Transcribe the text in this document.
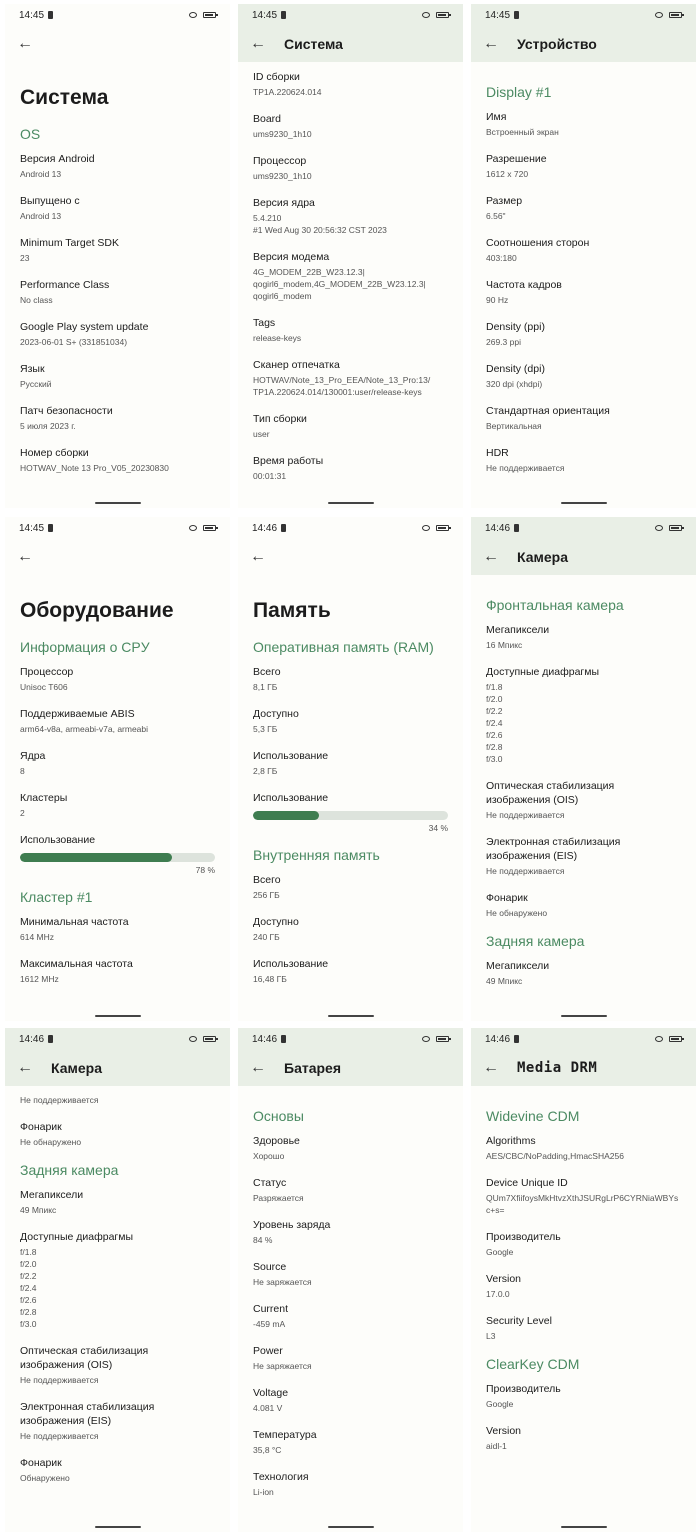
14:45
←
Система
OS
Версия Android
Android 13
Выпущено с
Android 13
Minimum Target SDK
23
Performance Class
No class
Google Play system update
2023-06-01 S+ (331851034)
Язык
Русский
Патч безопасности
5 июля 2023 г.
Номер сборки
HOTWAV_Note 13 Pro_V05_20230830
14:45
←	Система
ID сборки
TP1A.220624.014
Board
ums9230_1h10
Процессор
ums9230_1h10
Версия ядра
5.4.210
#1 Wed Aug 30 20:56:32 CST 2023
Версия модема
4G_MODEM_22B_W23.12.3|
qogirl6_modem,4G_MODEM_22B_W23.12.3|
qogirl6_modem
Tags
release-keys
Сканер отпечатка
HOTWAV/Note_13_Pro_EEA/Note_13_Pro:13/
TP1A.220624.014/130001:user/release-keys
Тип сборки
user
Время работы
00:01:31
14:45
←	Устройство
Display #1
Имя
Встроенный экран
Разрешение
1612 x 720
Размер
6.56"
Соотношения сторон
403:180
Частота кадров
90 Hz
Density (ppi)
269.3 ppi
Density (dpi)
320 dpi (xhdpi)
Стандартная ориентация
Вертикальная
HDR
Не поддерживается
14:45
←
Оборудование
Информация о CPУ
Процессор
Unisoc T606
Поддерживаемые ABIS
arm64-v8a, armeabi-v7a, armeabi
Ядра
8
Кластеры
2
Использование
78 %
Кластер #1
Минимальная частота
614 MHz
Максимальная частота
1612 MHz
14:46
←
Память
Оперативная память (RAM)
Всего
8,1 ГБ
Доступно
5,3 ГБ
Использование
2,8 ГБ
Использование
34 %
Внутренняя память
Всего
256 ГБ
Доступно
240 ГБ
Использование
16,48 ГБ
14:46
←	Камера
Фронтальная камера
Мегапиксели
16 Мпикс
Доступные диафрагмы
f/1.8
f/2.0
f/2.2
f/2.4
f/2.6
f/2.8
f/3.0
Оптическая стабилизация изображения (OIS)
Не поддерживается
Электронная стабилизация изображения (EIS)
Не поддерживается
Фонарик
Не обнаружено
Задняя камера
Мегапиксели
49 Мпикс
14:46
←	Камера
Не поддерживается
Фонарик
Не обнаружено
Задняя камера
Мегапиксели
49 Мпикс
Доступные диафрагмы
f/1.8
f/2.0
f/2.2
f/2.4
f/2.6
f/2.8
f/3.0
Оптическая стабилизация изображения (OIS)
Не поддерживается
Электронная стабилизация изображения (EIS)
Не поддерживается
Фонарик
Обнаружено
14:46
←	Батарея
Основы
Здоровье
Хорошо
Статус
Разряжается
Уровень заряда
84 %
Source
Не заряжается
Current
-459 mA
Power
Не заряжается
Voltage
4.081 V
Температура
35,8 °C
Технология
Li-ion
14:46
←	Media DRM
Widevine CDM
Algorithms
AES/CBC/NoPadding,HmacSHA256
Device Unique ID
QUm7XfiifoysMkHtvzXthJSURgLrP6CYRNiaWBYsc+s=
Производитель
Google
Version
17.0.0
Security Level
L3
ClearKey CDM
Производитель
Google
Version
aidl-1
